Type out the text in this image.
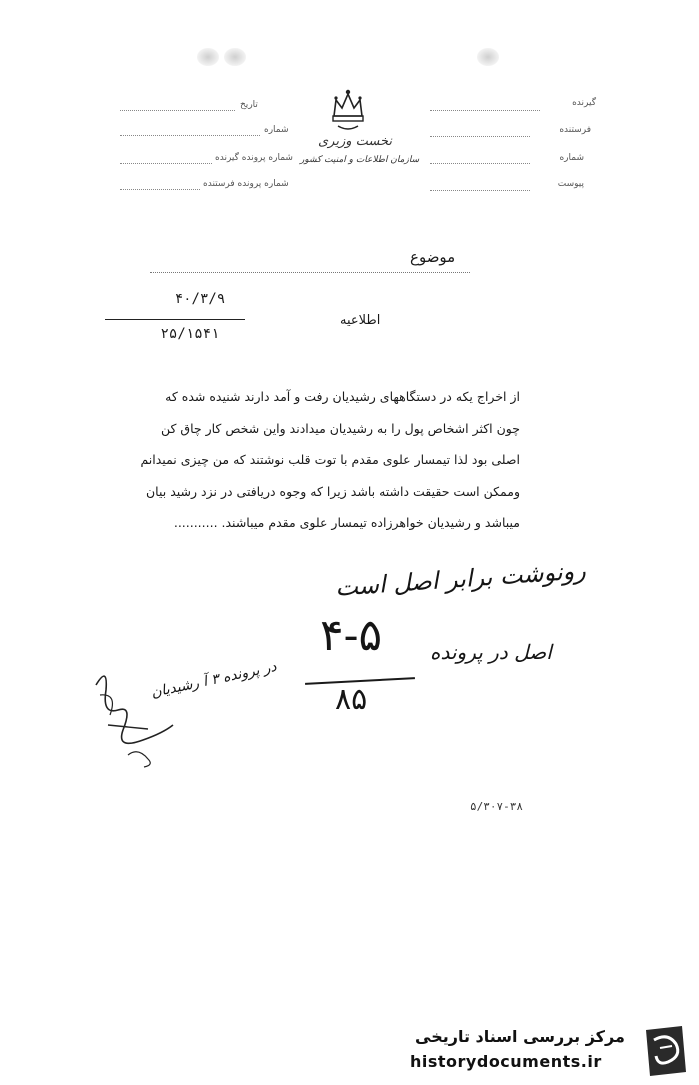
گیرنده
فرستنده
شماره
پیوست
تاریخ
شماره
شماره پرونده گیرنده
شماره پرونده فرستنده
نخست وزیری
سازمان اطلاعات و امنیت کشور
موضوع
۴۰/۳/۹
۲۵/۱۵۴۱
اطلاعیه

از اخراج یکه در دستگاههای رشیدیان رفت و آمد دارند شنیده شده که

چون اکثر اشخاص پول را به رشیدیان میدادند واین شخص کار چاق کن

اصلی بود لذا تیمسار علوی مقدم با توت قلب نوشتند که من چیزی نمیدانم

وممکن است حقیقت داشته باشد زیرا که وجوه دریافتی در نزد رشید بیان

میباشد و رشیدیان خواهرزاده تیمسار علوی مقدم میباشند. ...........

رونوشت برابر اصل است
اصل در پرونده
۴-۵
۸۵
در پرونده ۳ آ رشیدیان
۵/۳۰۷-۳۸
مرکز بررسی اسناد تاریخی
historydocuments.ir
